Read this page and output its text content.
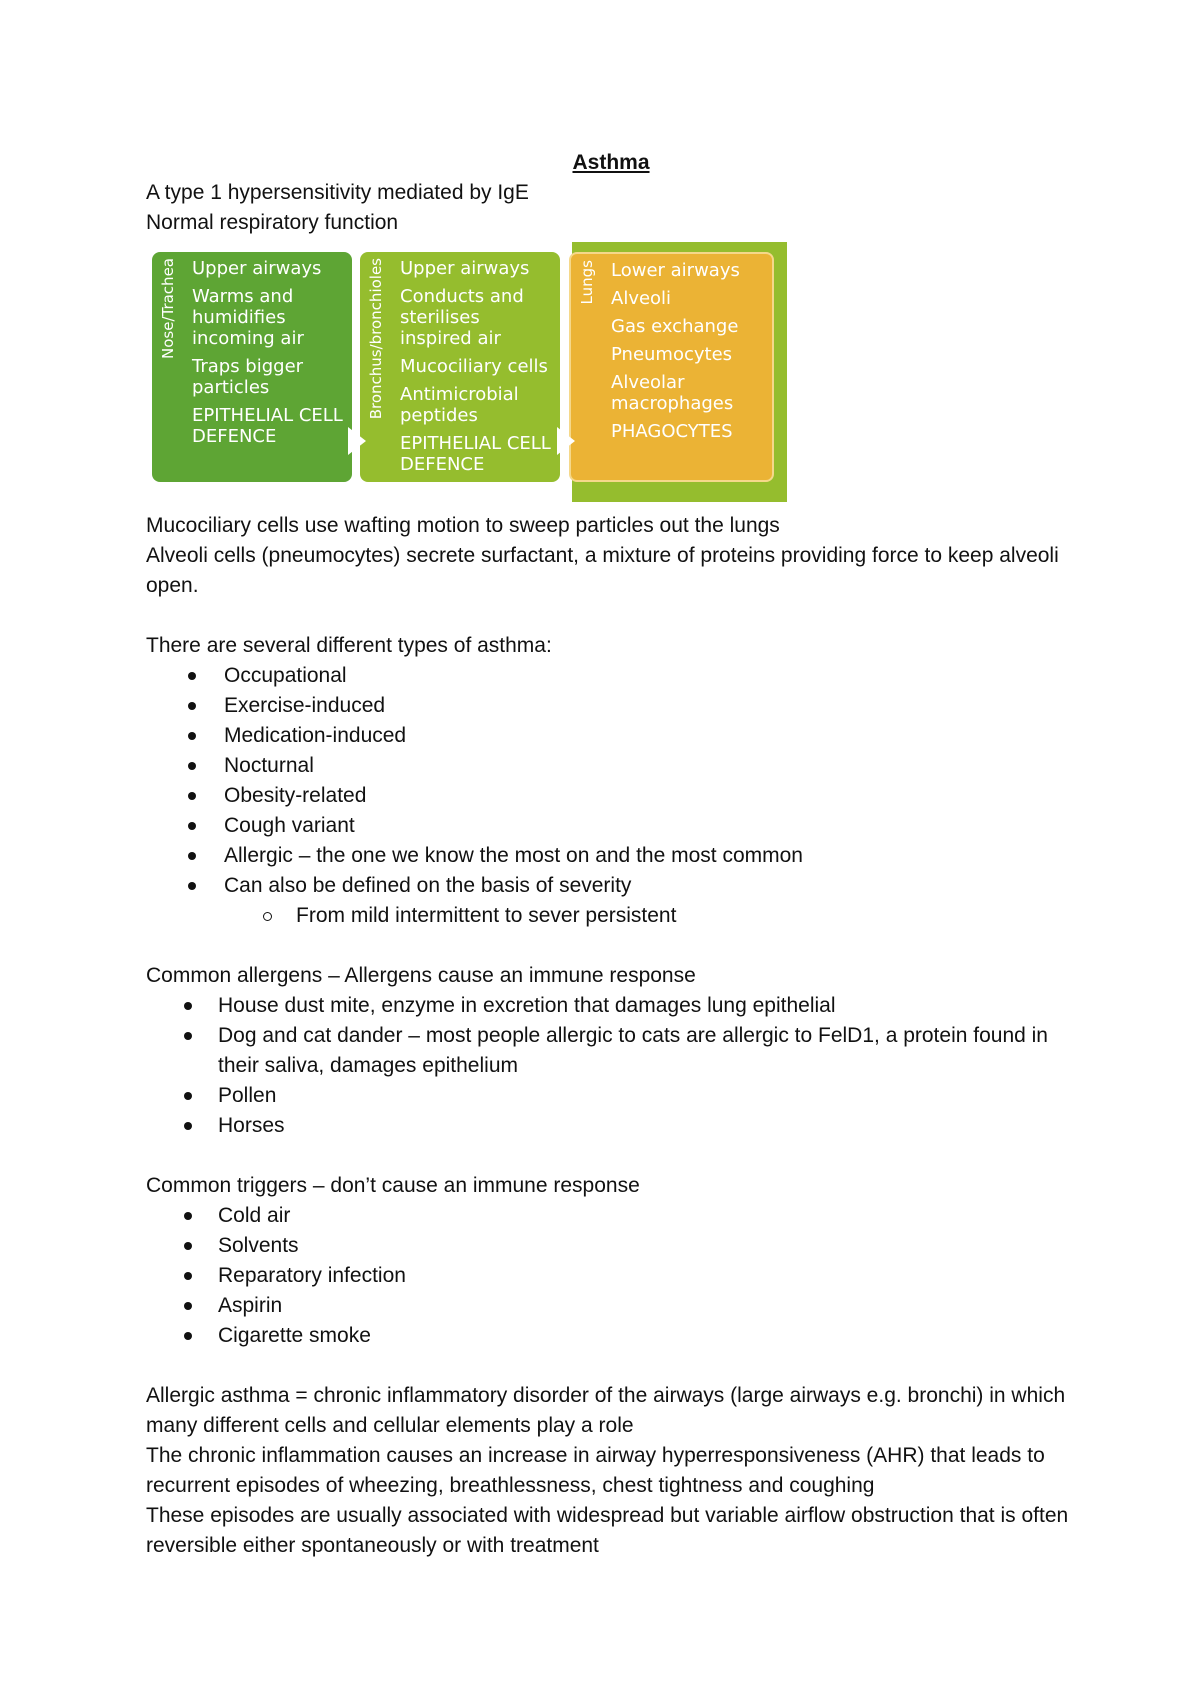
Asthma
A type 1 hypersensitivity mediated by IgE
Normal respiratory function
Nose/Trachea Upper airways
Warms and humidifies incoming air
Traps bigger particles
EPITHELIAL CELL DEFENCE
Bronchus/bronchioles Upper airways
Conducts and sterilises inspired air
Mucociliary cells
Antimicrobial peptides
EPITHELIAL CELL DEFENCE
Lungs Lower airways
Alveoli
Gas exchange
Pneumocytes
Alveolar macrophages
PHAGOCYTES
Mucociliary cells use wafting motion to sweep particles out the lungs
Alveoli cells (pneumocytes) secrete surfactant, a mixture of proteins providing force to keep alveoli open.
There are several different types of asthma:
Occupational
Exercise-induced
Medication-induced
Nocturnal
Obesity-related
Cough variant
Allergic – the one we know the most on and the most common
Can also be defined on the basis of severity
From mild intermittent to sever persistent
Common allergens – Allergens cause an immune response
House dust mite, enzyme in excretion that damages lung epithelial
Dog and cat dander – most people allergic to cats are allergic to FelD1, a protein found in their saliva, damages epithelium
Pollen
Horses
Common triggers – don’t cause an immune response
Cold air
Solvents
Reparatory infection
Aspirin
Cigarette smoke
Allergic asthma = chronic inflammatory disorder of the airways (large airways e.g. bronchi) in which many different cells and cellular elements play a role
The chronic inflammation causes an increase in airway hyperresponsiveness (AHR) that leads to recurrent episodes of wheezing, breathlessness, chest tightness and coughing
These episodes are usually associated with widespread but variable airflow obstruction that is often reversible either spontaneously or with treatment
